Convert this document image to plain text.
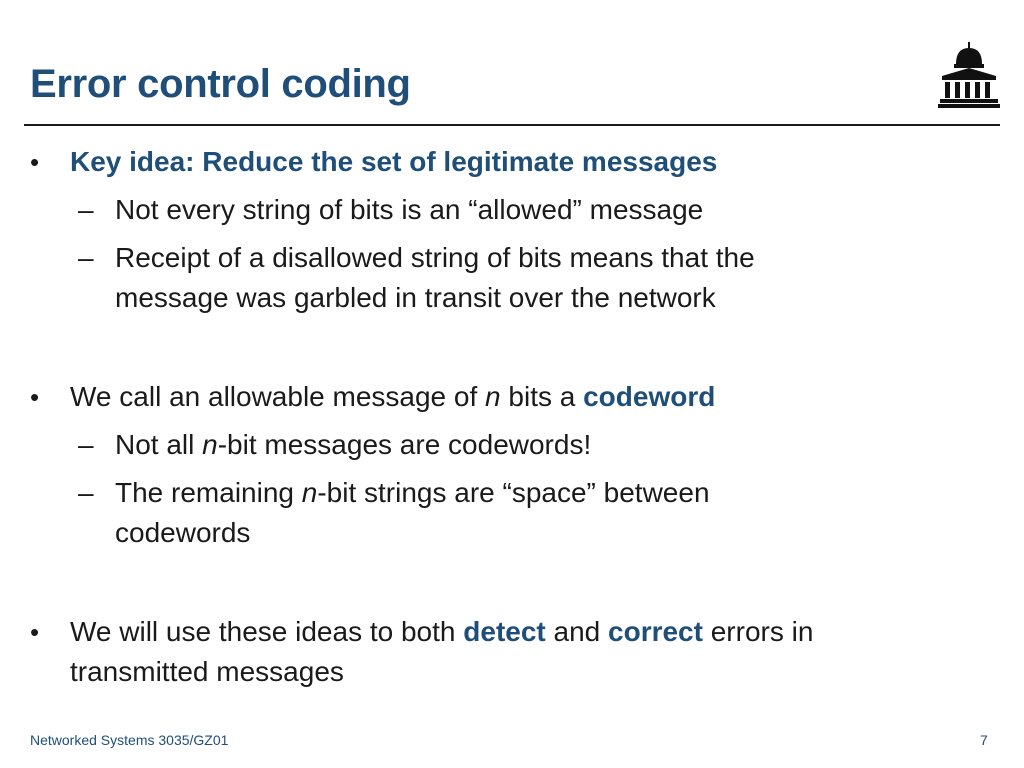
Error control coding
• Key idea: Reduce the set of legitimate messages
– Not every string of bits is an “allowed” message
– Receipt of a disallowed string of bits means that the
message was garbled in transit over the network
• We call an allowable message of n bits a codeword
– Not all n-bit messages are codewords!
– The remaining n-bit strings are “space” between
codewords
• We will use these ideas to both detect and correct errors in
transmitted messages
Networked Systems 3035/GZ01	7
